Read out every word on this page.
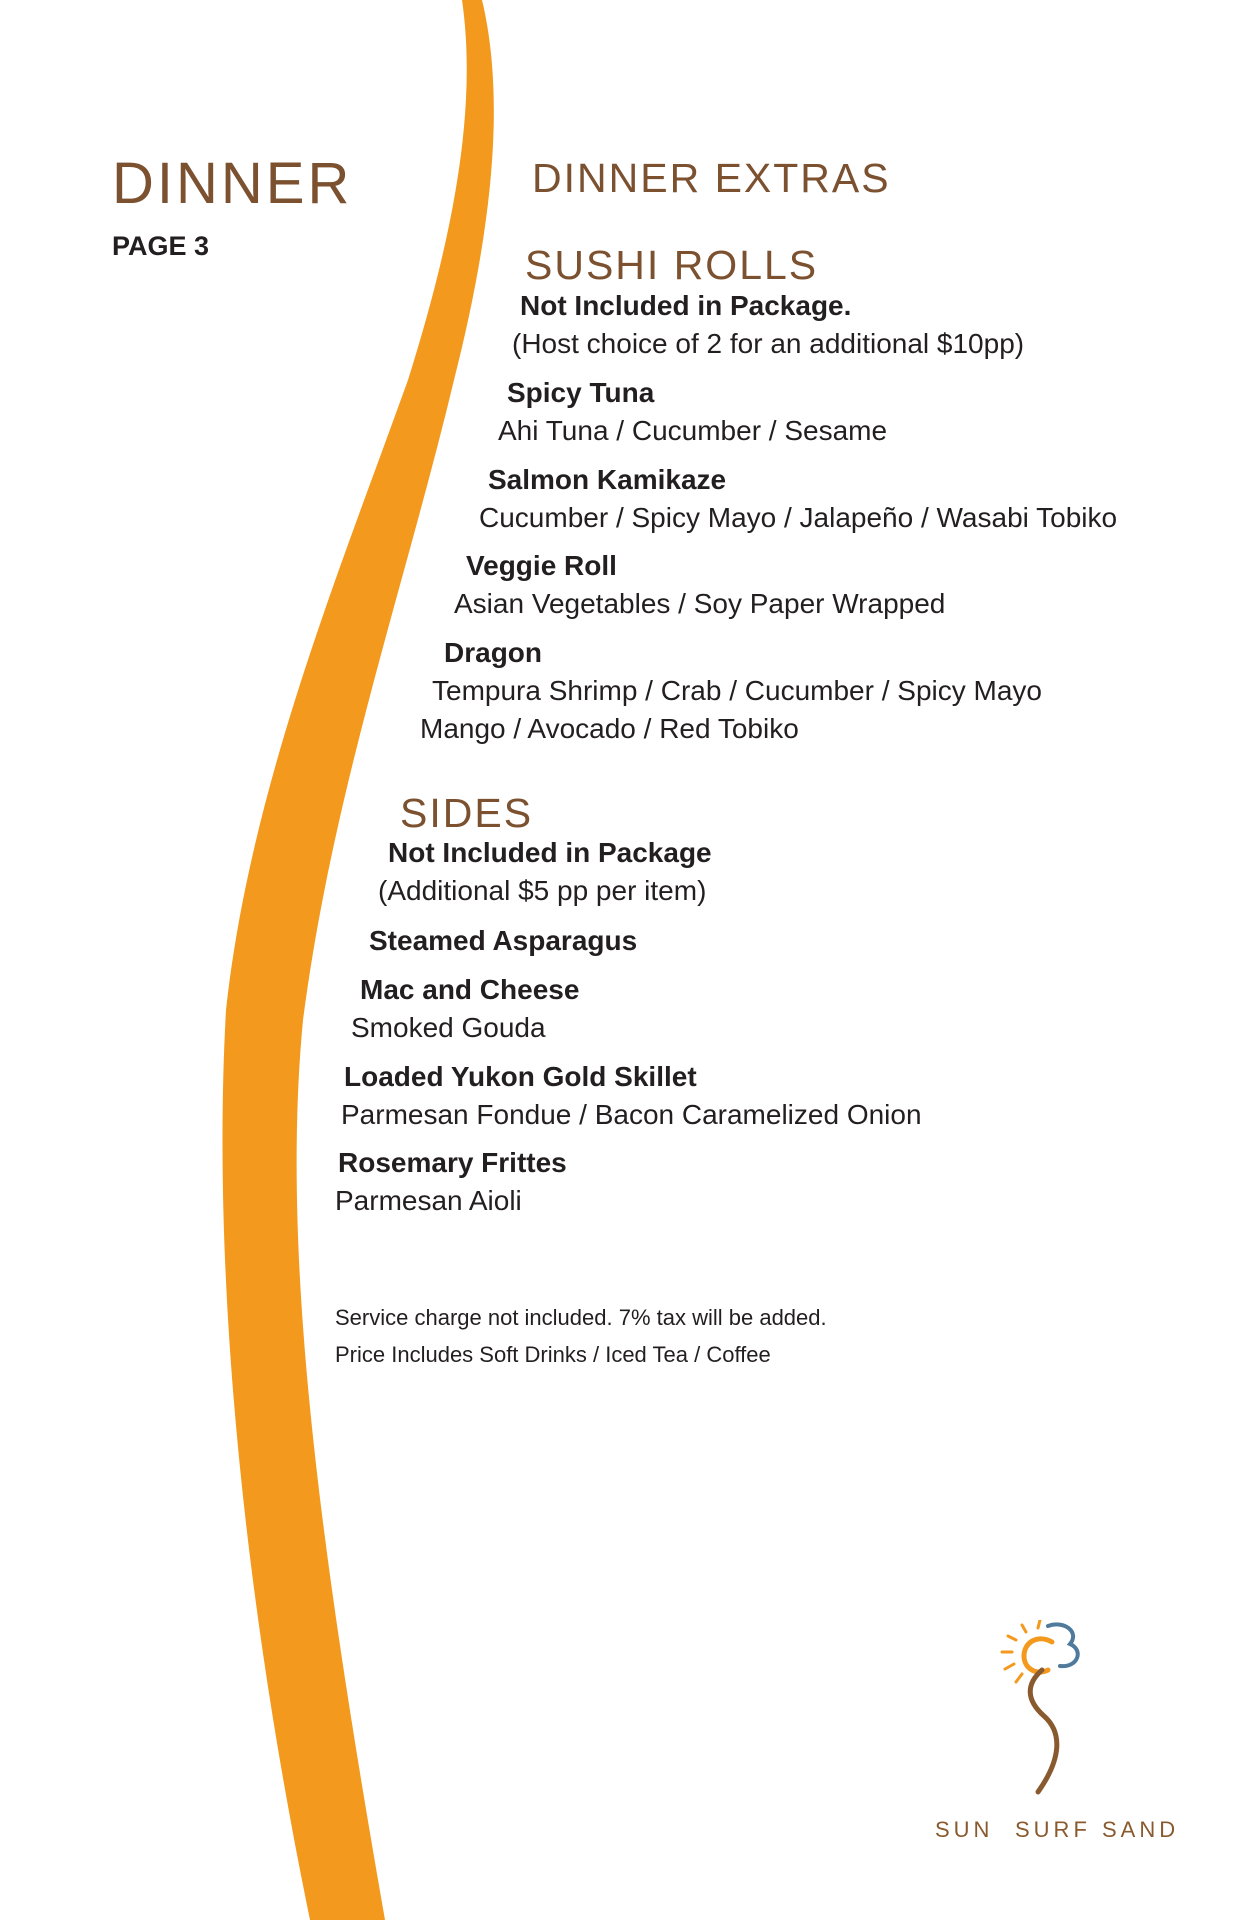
DINNER
PAGE 3
DINNER EXTRAS
SUSHI ROLLS
Not Included in Package.
(Host choice of 2 for an additional $10pp)
Spicy Tuna
Ahi Tuna / Cucumber / Sesame
Salmon Kamikaze
Cucumber / Spicy Mayo / Jalapeño / Wasabi Tobiko
Veggie Roll
Asian Vegetables / Soy Paper Wrapped
Dragon
Tempura Shrimp / Crab / Cucumber / Spicy Mayo
Mango / Avocado / Red Tobiko
SIDES
Not Included in Package
(Additional $5 pp per item)
Steamed Asparagus
Mac and Cheese
Smoked Gouda
Loaded Yukon Gold Skillet
Parmesan Fondue / Bacon Caramelized Onion
Rosemary Frittes
Parmesan Aioli
Service charge not included. 7% tax will be added.
Price Includes Soft Drinks / Iced Tea / Coffee
SUN SURF SAND
